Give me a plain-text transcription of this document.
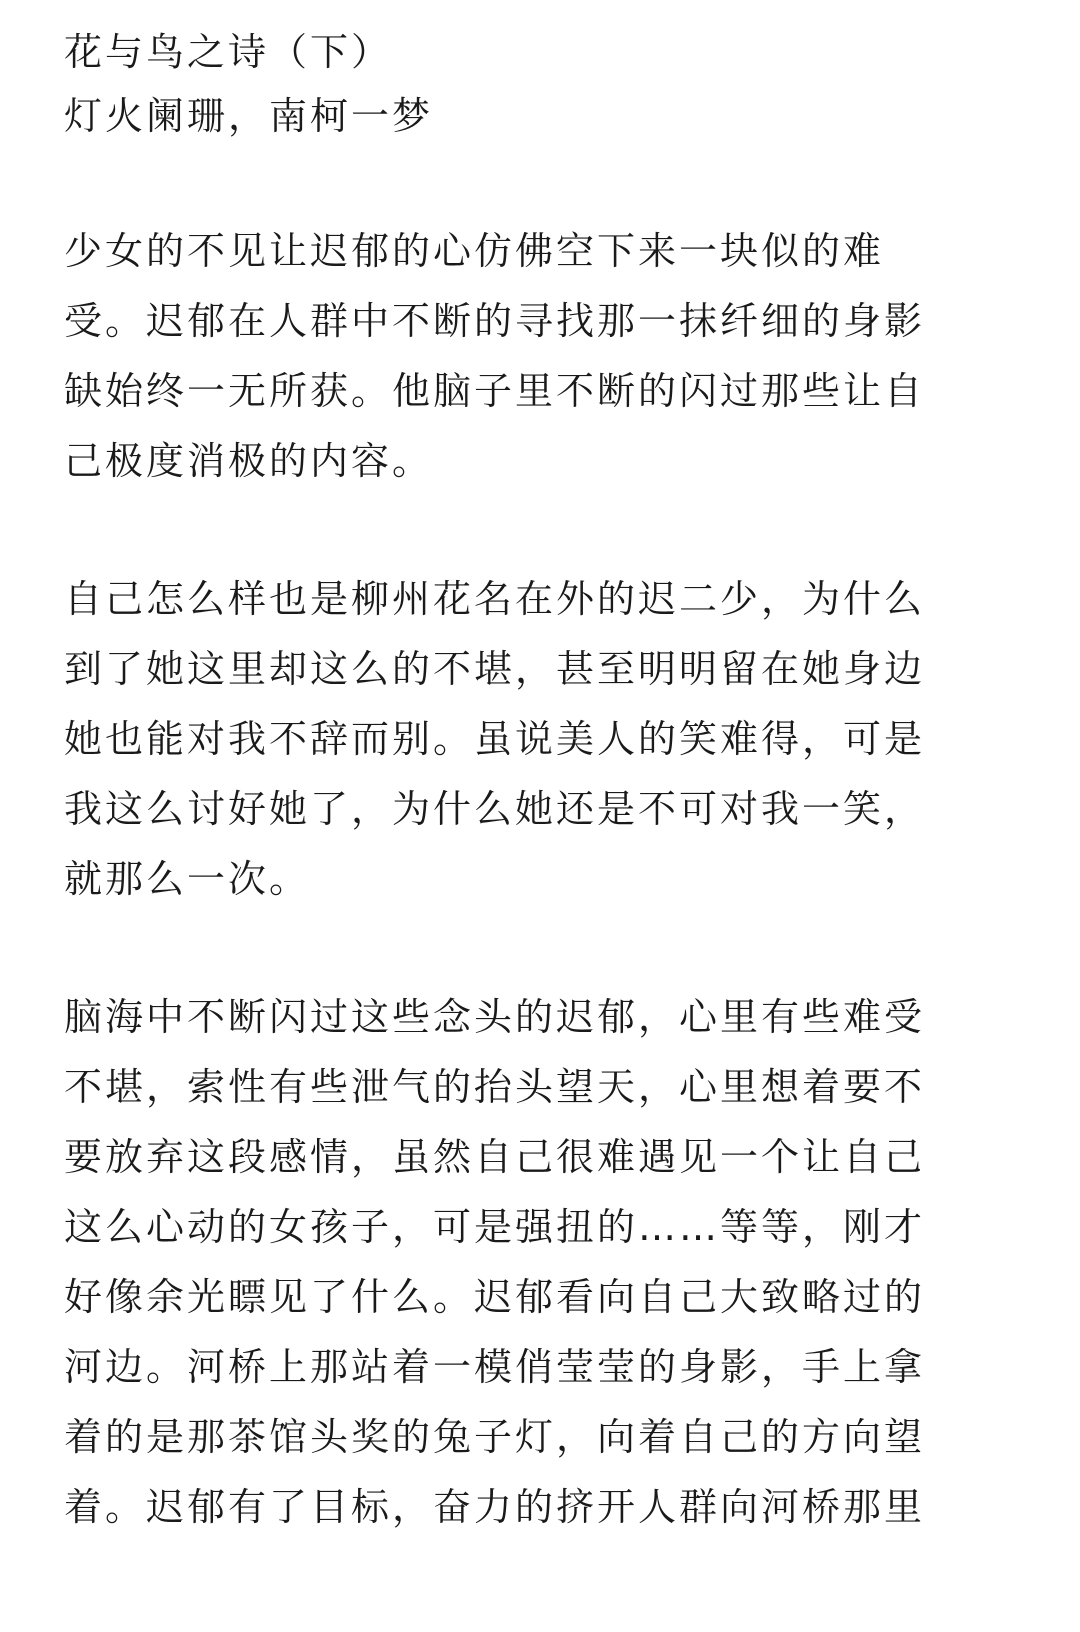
花与鸟之诗（下）
灯火阑珊，南柯一梦
少女的不见让迟郁的心仿佛空下来一块似的难
受。迟郁在人群中不断的寻找那一抹纤细的身影
缺始终一无所获。他脑子里不断的闪过那些让自
己极度消极的内容。
自己怎么样也是柳州花名在外的迟二少，为什么
到了她这里却这么的不堪，甚至明明留在她身边
她也能对我不辞而别。虽说美人的笑难得，可是
我这么讨好她了，为什么她还是不可对我一笑，
就那么一次。
脑海中不断闪过这些念头的迟郁，心里有些难受
不堪，索性有些泄气的抬头望天，心里想着要不
要放弃这段感情，虽然自己很难遇见一个让自己
这么心动的女孩子，可是强扭的……等等，刚才
好像余光瞟见了什么。迟郁看向自己大致略过的
河边。河桥上那站着一模俏莹莹的身影，手上拿
着的是那茶馆头奖的兔子灯，向着自己的方向望
着。迟郁有了目标，奋力的挤开人群向河桥那里
